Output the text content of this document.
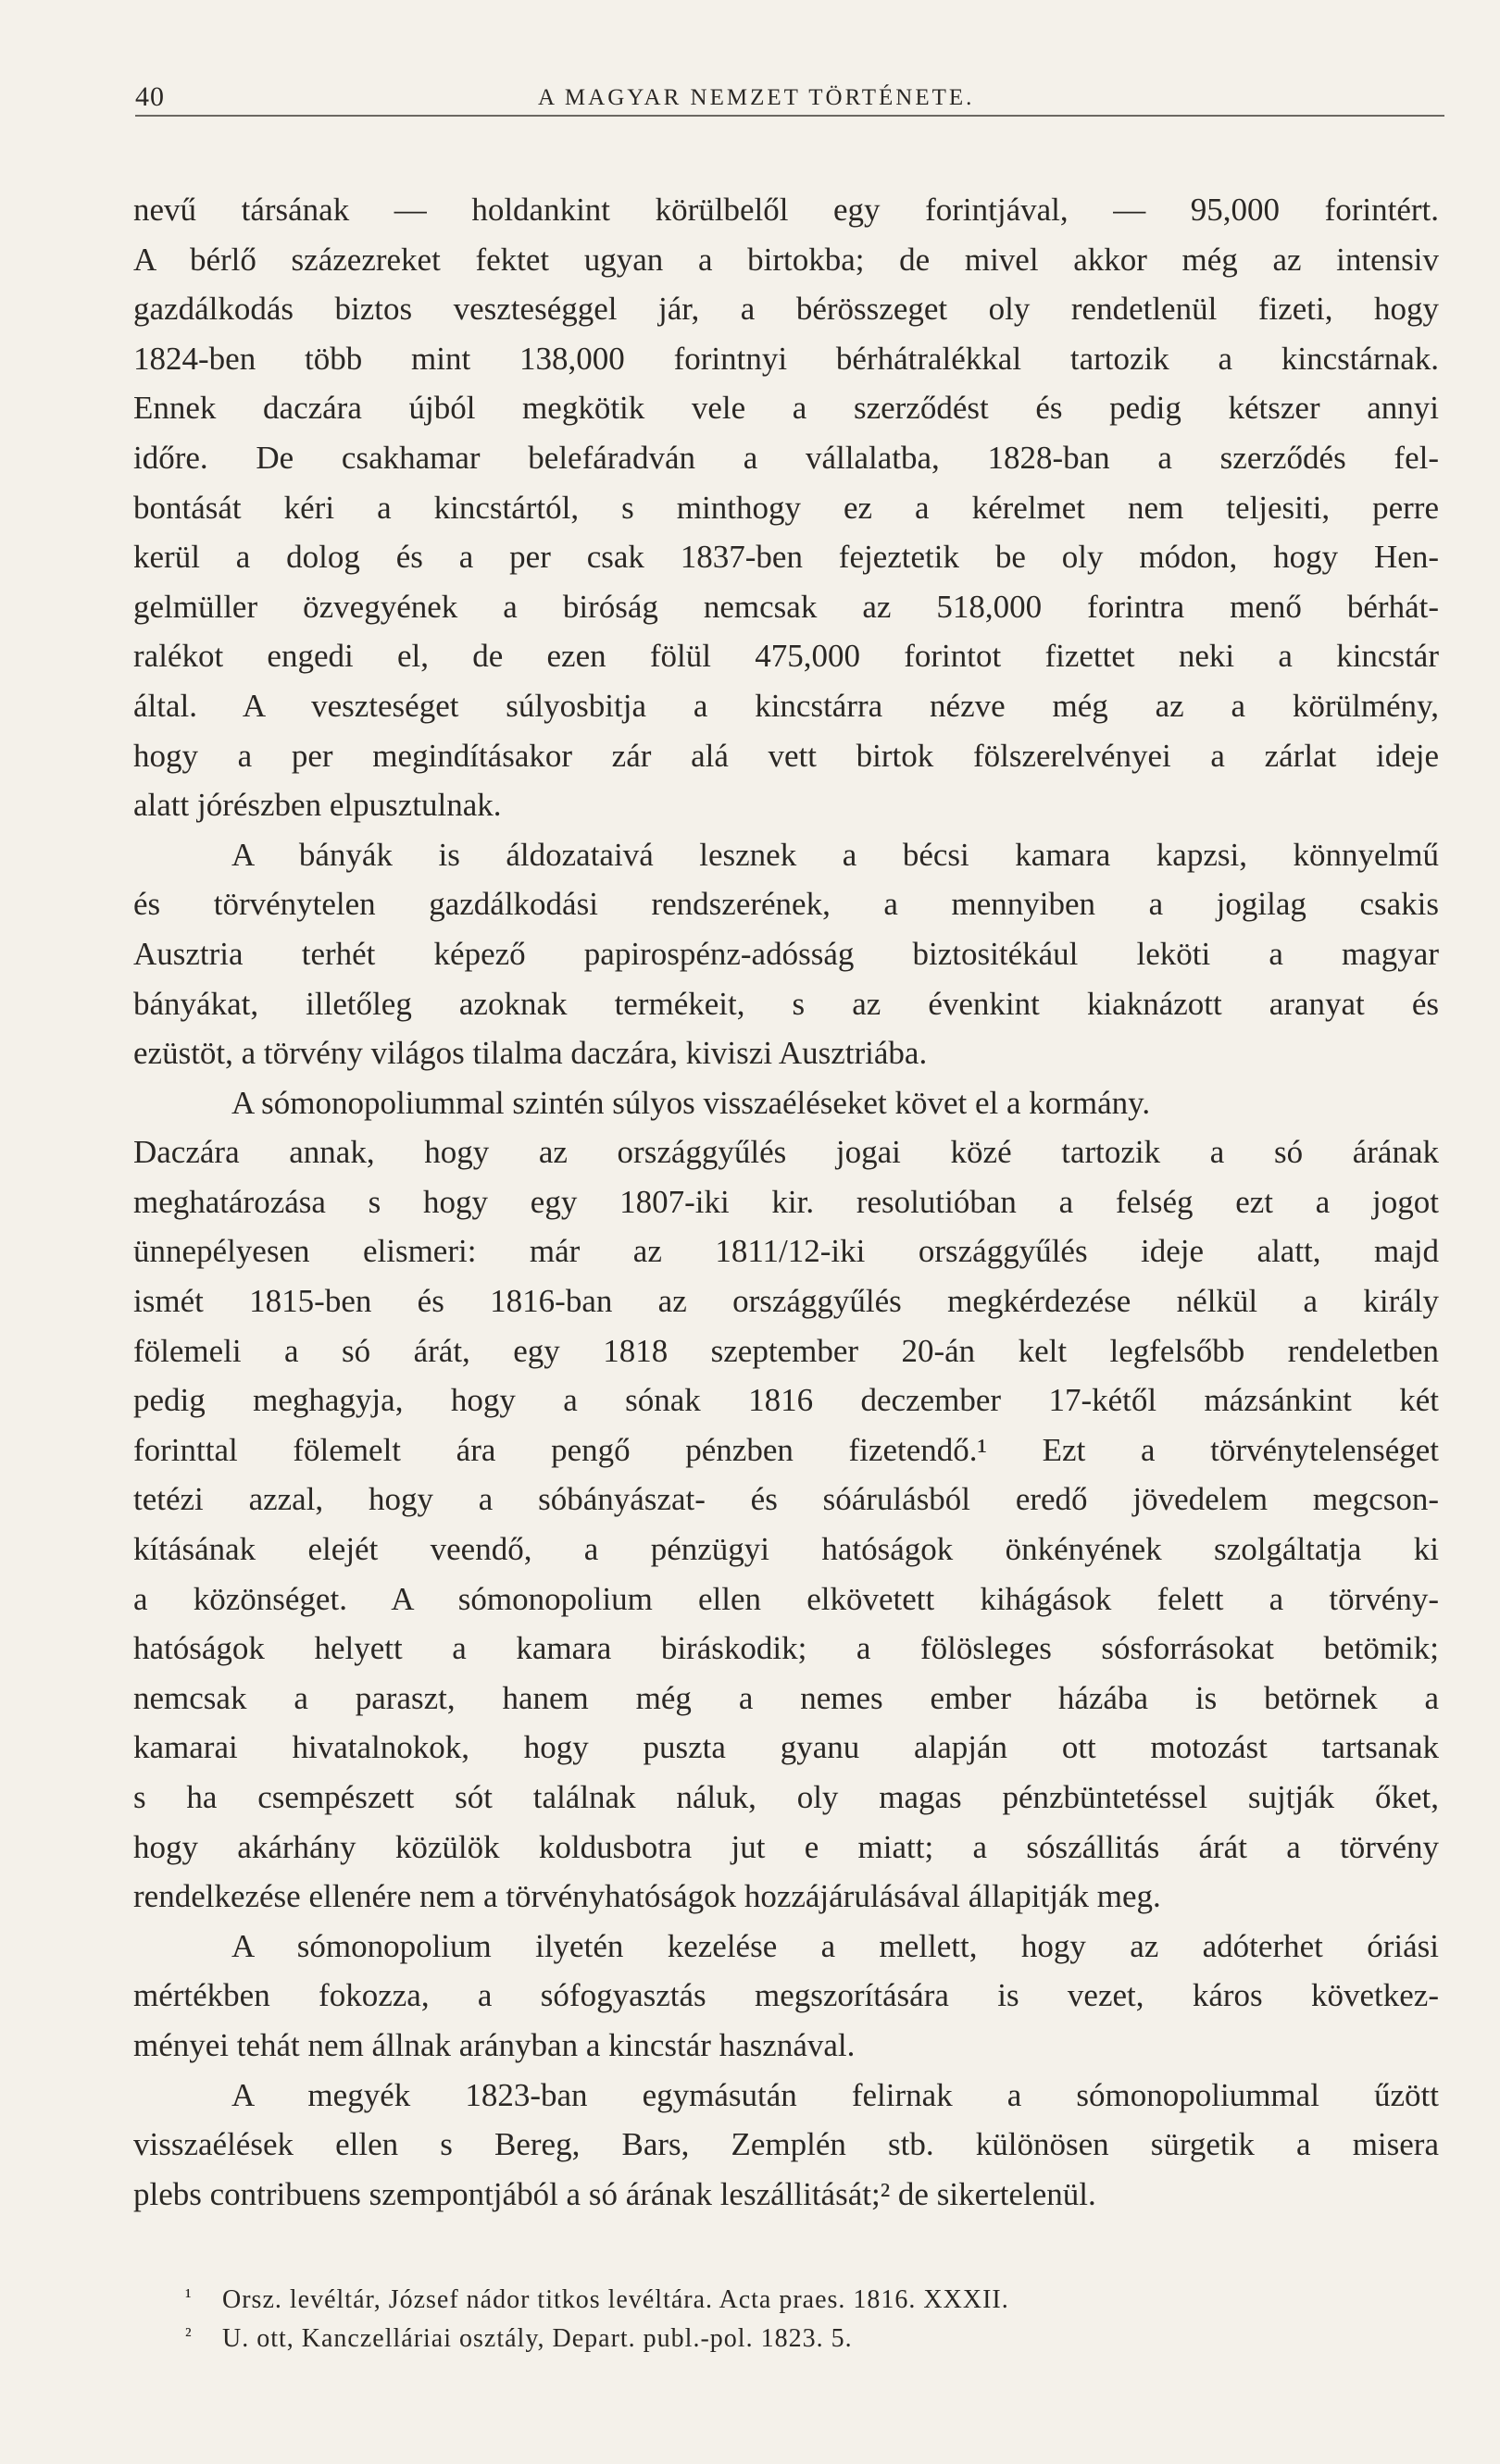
40	A MAGYAR NEMZET TÖRTÉNETE.
nevű társának — holdankint körülbelől egy forintjával, — 95,000 forintért.
A bérlő százezreket fektet ugyan a birtokba; de mivel akkor még az intensiv
gazdálkodás biztos veszteséggel jár, a bérösszeget oly rendetlenül fizeti, hogy
1824-ben több mint 138,000 forintnyi bérhátralékkal tartozik a kincstárnak.
Ennek daczára újból megkötik vele a szerződést és pedig kétszer annyi
időre. De csakhamar belefáradván a vállalatba, 1828-ban a szerződés fel-
bontását kéri a kincstártól, s minthogy ez a kérelmet nem teljesiti, perre
kerül a dolog és a per csak 1837-ben fejeztetik be oly módon, hogy Hen-
gelmüller özvegyének a biróság nemcsak az 518,000 forintra menő bérhát-
ralékot engedi el, de ezen fölül 475,000 forintot fizettet neki a kincstár
által. A veszteséget súlyosbitja a kincstárra nézve még az a körülmény,
hogy a per megindításakor zár alá vett birtok fölszerelvényei a zárlat ideje
alatt jórészben elpusztulnak.
A bányák is áldozataivá lesznek a bécsi kamara kapzsi, könnyelmű
és törvénytelen gazdálkodási rendszerének, a mennyiben a jogilag csakis
Ausztria terhét képező papirospénz-adósság biztositékául leköti a magyar
bányákat, illetőleg azoknak termékeit, s az évenkint kiaknázott aranyat és
ezüstöt, a törvény világos tilalma daczára, kiviszi Ausztriába.
A sómonopoliummal szintén súlyos visszaéléseket követ el a kormány.
Daczára annak, hogy az országgyűlés jogai közé tartozik a só árának
meghatározása s hogy egy 1807-iki kir. resolutióban a felség ezt a jogot
ünnepélyesen elismeri: már az 1811/12-iki országgyűlés ideje alatt, majd
ismét 1815-ben és 1816-ban az országgyűlés megkérdezése nélkül a király
fölemeli a só árát, egy 1818 szeptember 20-án kelt legfelsőbb rendeletben
pedig meghagyja, hogy a sónak 1816 deczember 17-kétől mázsánkint két
forinttal fölemelt ára pengő pénzben fizetendő.¹ Ezt a törvénytelenséget
tetézi azzal, hogy a sóbányászat- és sóárulásból eredő jövedelem megcson-
kításának elejét veendő, a pénzügyi hatóságok önkényének szolgáltatja ki
a közönséget. A sómonopolium ellen elkövetett kihágások felett a törvény-
hatóságok helyett a kamara biráskodik; a fölösleges sósforrásokat betömik;
nemcsak a paraszt, hanem még a nemes ember házába is betörnek a
kamarai hivatalnokok, hogy puszta gyanu alapján ott motozást tartsanak
s ha csempészett sót találnak náluk, oly magas pénzbüntetéssel sujtják őket,
hogy akárhány közülök koldusbotra jut e miatt; a sószállitás árát a törvény
rendelkezése ellenére nem a törvényhatóságok hozzájárulásával állapitják meg.
A sómonopolium ilyetén kezelése a mellett, hogy az adóterhet óriási
mértékben fokozza, a sófogyasztás megszorítására is vezet, káros következ-
ményei tehát nem állnak arányban a kincstár hasznával.
A megyék 1823-ban egymásután felirnak a sómonopoliummal űzött
visszaélések ellen s Bereg, Bars, Zemplén stb. különösen sürgetik a misera
plebs contribuens szempontjából a só árának leszállitását;² de sikertelenül.
¹ Orsz. levéltár, József nádor titkos levéltára. Acta praes. 1816. XXXII.
² U. ott, Kanczelláriai osztály, Depart. publ.-pol. 1823. 5.
